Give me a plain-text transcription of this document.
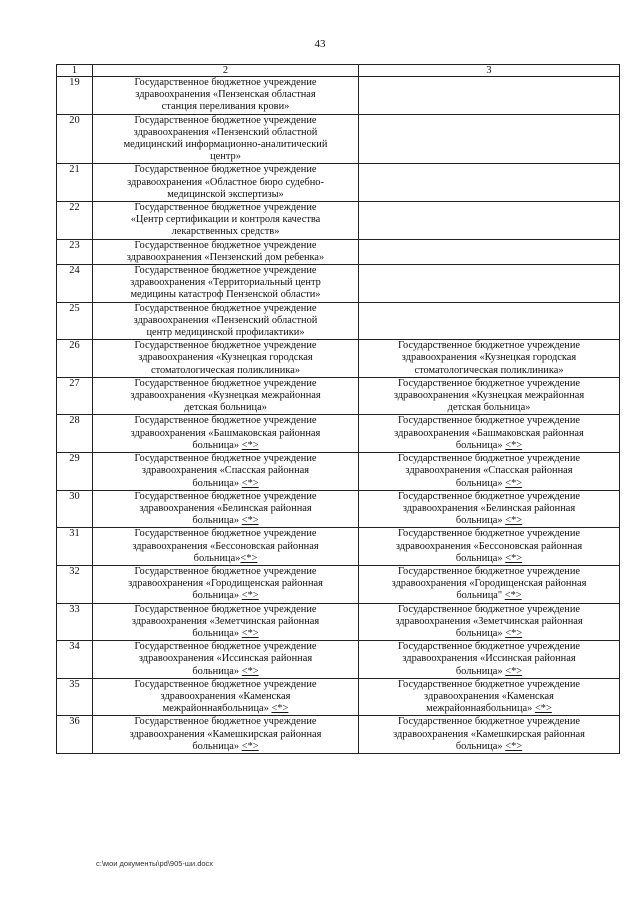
43
1	2	3
19	Государственное бюджетное учреждение
здравоохранения «Пензенская областная
станция переливания крови»	
20	Государственное бюджетное учреждение
здравоохранения «Пензенский областной
медицинский информационно-аналитический
центр»	
21	Государственное бюджетное учреждение
здравоохранения «Областное бюро судебно-
медицинской экспертизы»	
22	Государственное бюджетное учреждение
«Центр сертификации и контроля качества
лекарственных средств»	
23	Государственное бюджетное учреждение
здравоохранения «Пензенский дом ребенка»	
24	Государственное бюджетное учреждение
здравоохранения «Территориальный центр
медицины катастроф Пензенской области»	
25	Государственное бюджетное учреждение
здравоохранения «Пензенский областной
центр медицинской профилактики»	
26	Государственное бюджетное учреждение
здравоохранения «Кузнецкая городская
стоматологическая поликлиника»	Государственное бюджетное учреждение
здравоохранения «Кузнецкая городская
стоматологическая поликлиника»
27	Государственное бюджетное учреждение
здравоохранения «Кузнецкая межрайонная
детская больница»	Государственное бюджетное учреждение
здравоохранения «Кузнецкая межрайонная
детская больница»
28	Государственное бюджетное учреждение
здравоохранения «Башмаковская районная
больница» <*>	Государственное бюджетное учреждение
здравоохранения «Башмаковская районная
больница» <*>
29	Государственное бюджетное учреждение
здравоохранения «Спасская районная
больница» <*>	Государственное бюджетное учреждение
здравоохранения «Спасская районная
больница» <*>
30	Государственное бюджетное учреждение
здравоохранения «Белинская районная
больница» <*>	Государственное бюджетное учреждение
здравоохранения «Белинская районная
больница» <*>
31	Государственное бюджетное учреждение
здравоохранения «Бессоновская районная
больница»<*>	Государственное бюджетное учреждение
здравоохранения «Бессоновская районная
больница» <*>
32	Государственное бюджетное учреждение
здравоохранения «Городищенская районная
больница» <*>	Государственное бюджетное учреждение
здравоохранения «Городищенская районная
больница" <*>
33	Государственное бюджетное учреждение
здравоохранения «Земетчинская районная
больница» <*>	Государственное бюджетное учреждение
здравоохранения «Земетчинская районная
больница» <*>
34	Государственное бюджетное учреждение
здравоохранения «Иссинская районная
больница» <*>	Государственное бюджетное учреждение
здравоохранения «Иссинская районная
больница» <*>
35	Государственное бюджетное учреждение
здравоохранения «Каменская
межрайоннаябольница» <*>	Государственное бюджетное учреждение
здравоохранения «Каменская
межрайоннаябольница» <*>
36	Государственное бюджетное учреждение
здравоохранения «Камешкирская районная
больница» <*>	Государственное бюджетное учреждение
здравоохранения «Камешкирская районная
больница» <*>
c:\мои документы\pd\905-ши.docx
